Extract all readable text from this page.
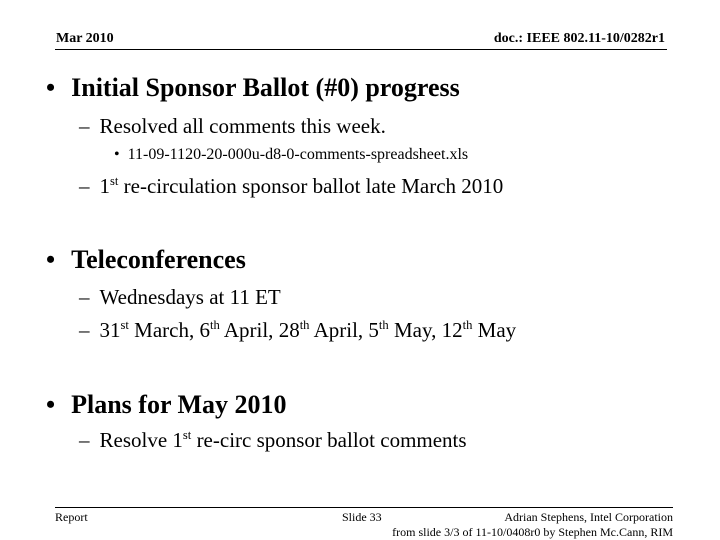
Mar 2010	doc.: IEEE 802.11-10/0282r1
• Initial Sponsor Ballot (#0) progress
– Resolved all comments this week.
• 11-09-1120-20-000u-d8-0-comments-spreadsheet.xls
– 1st re-circulation sponsor ballot late March 2010
• Teleconferences
– Wednesdays at 11 ET
– 31st March, 6th April, 28th April, 5th May, 12th May
• Plans for May 2010
– Resolve 1st re-circ sponsor ballot comments
Report	Slide 33	Adrian Stephens, Intel Corporation
from slide 3/3 of 11-10/0408r0 by Stephen Mc.Cann, RIM
